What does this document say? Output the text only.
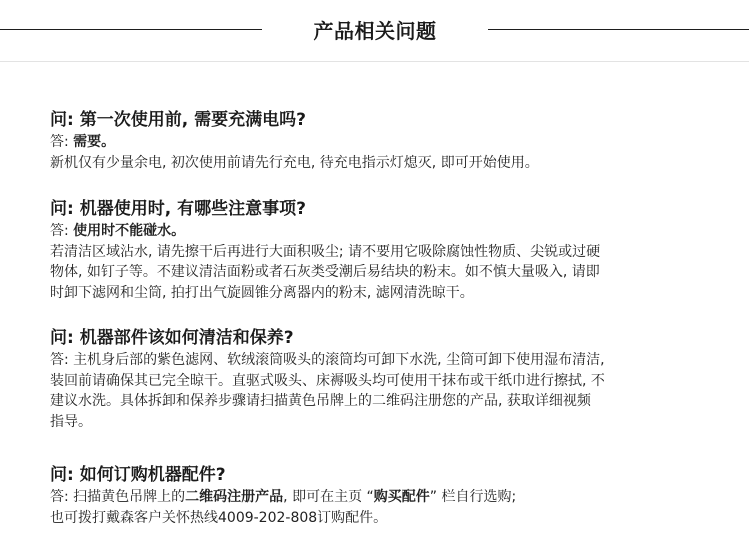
产品相关问题
问: 第一次使用前, 需要充满电吗?
答: 需要。
新机仅有少量余电, 初次使用前请先行充电, 待充电指示灯熄灭, 即可开始使用。
问: 机器使用时, 有哪些注意事项?
答: 使用时不能碰水。
若清洁区域沾水, 请先擦干后再进行大面积吸尘; 请不要用它吸除腐蚀性物质、尖锐或过硬
物体, 如钉子等。不建议清洁面粉或者石灰类受潮后易结块的粉末。如不慎大量吸入, 请即
时卸下滤网和尘筒, 拍打出气旋圆锥分离器内的粉末, 滤网清洗晾干。
问: 机器部件该如何清洁和保养?
答: 主机身后部的紫色滤网、软绒滚筒吸头的滚筒均可卸下水洗, 尘筒可卸下使用湿布清洁,
装回前请确保其已完全晾干。直驱式吸头、床褥吸头均可使用干抹布或干纸巾进行擦拭, 不
建议水洗。具体拆卸和保养步骤请扫描黄色吊牌上的二维码注册您的产品, 获取详细视频
指导。
问: 如何订购机器配件?
答: 扫描黄色吊牌上的二维码注册产品, 即可在主页 “购买配件” 栏自行选购;
也可拨打戴森客户关怀热线4009-202-808订购配件。
